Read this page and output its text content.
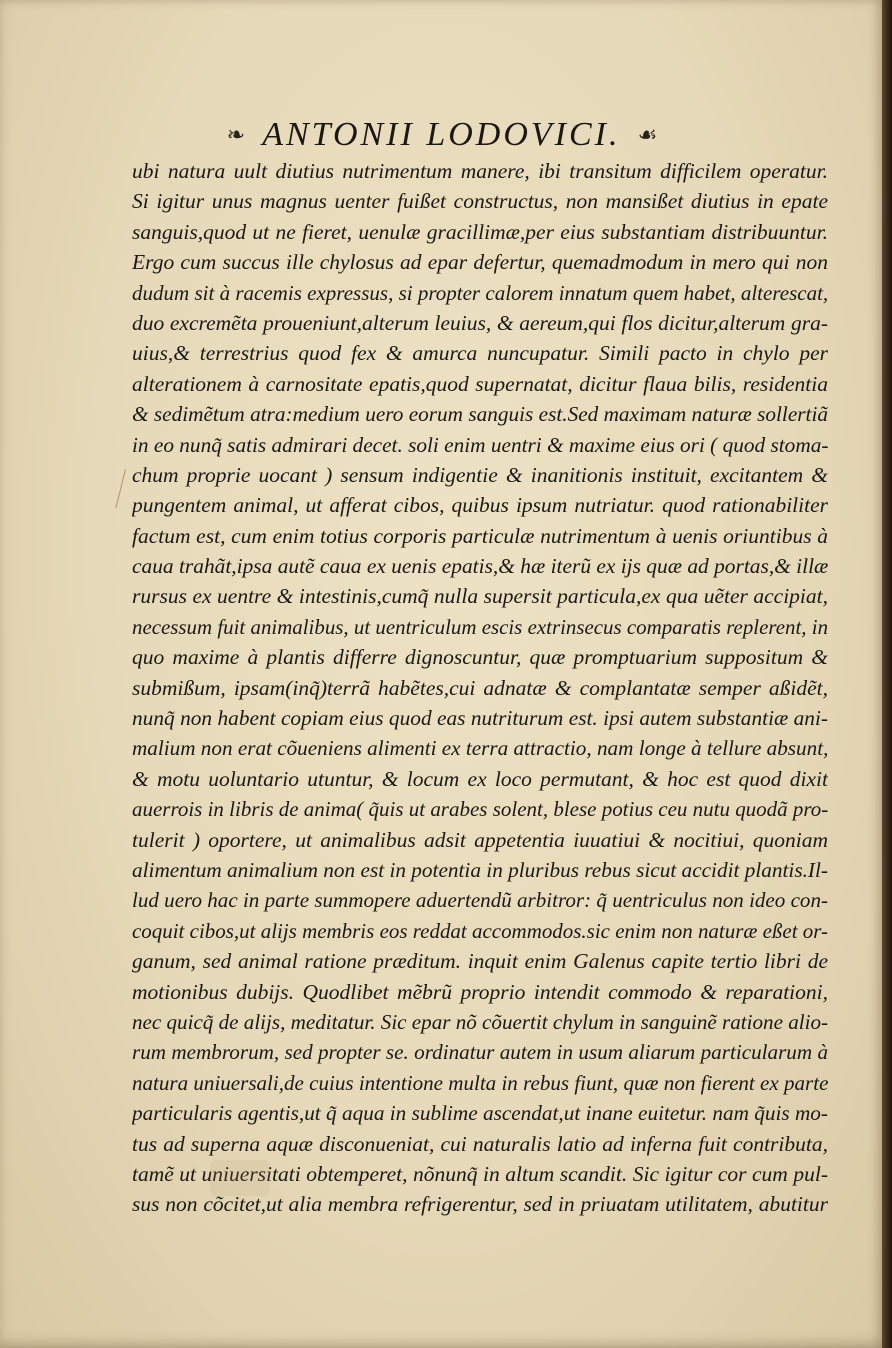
❧ ANTONII LODOVICI. ☙
ubi natura uult diutius nutrimentum manere, ibi transitum difficilem operatur.
Si igitur unus magnus uenter fuißet constructus, non mansißet diutius in epate
sanguis,quod ut ne fieret, uenulæ gracillimæ,per eius substantiam distribuuntur.
Ergo cum succus ille chylosus ad epar defertur, quemadmodum in mero qui non
dudum sit à racemis expressus, si propter calorem innatum quem habet, alterescat,
duo excremẽta proueniunt,alterum leuius, & aereum,qui flos dicitur,alterum gra-
uius,& terrestrius quod fex & amurca nuncupatur. Simili pacto in chylo per
alterationem à carnositate epatis,quod supernatat, dicitur flaua bilis, residentia
& sedimẽtum atra:medium uero eorum sanguis est.Sed maximam naturæ sollertiã
in eo nunq̃ satis admirari decet. soli enim uentri & maxime eius ori ( quod stoma-
chum proprie uocant ) sensum indigentie & inanitionis instituit, excitantem &
pungentem animal, ut afferat cibos, quibus ipsum nutriatur. quod rationabiliter
factum est, cum enim totius corporis particulæ nutrimentum à uenis oriuntibus à
caua trahãt,ipsa autẽ caua ex uenis epatis,& hæ iterũ ex ijs quæ ad portas,& illæ
rursus ex uentre & intestinis,cumq̃ nulla supersit particula,ex qua uẽter accipiat,
necessum fuit animalibus, ut uentriculum escis extrinsecus comparatis replerent, in
quo maxime à plantis differre dignoscuntur, quæ promptuarium suppositum &
submißum, ipsam(inq̃)terrã habẽtes,cui adnatæ & complantatæ semper aßidẽt,
nunq̃ non habent copiam eius quod eas nutriturum est. ipsi autem substantiæ ani-
malium non erat cõueniens alimenti ex terra attractio, nam longe à tellure absunt,
& motu uoluntario utuntur, & locum ex loco permutant, & hoc est quod dixit
auerrois in libris de anima( q̃uis ut arabes solent, blese potius ceu nutu quodã pro-
tulerit ) oportere, ut animalibus adsit appetentia iuuatiui & nocitiui, quoniam
alimentum animalium non est in potentia in pluribus rebus sicut accidit plantis.Il-
lud uero hac in parte summopere aduertendũ arbitror: q̃ uentriculus non ideo con-
coquit cibos,ut alijs membris eos reddat accommodos.sic enim non naturæ eßet or-
ganum, sed animal ratione præditum. inquit enim Galenus capite tertio libri de
motionibus dubijs. Quodlibet mẽbrũ proprio intendit commodo & reparationi,
nec quicq̃ de alijs, meditatur. Sic epar nõ cõuertit chylum in sanguinẽ ratione alio-
rum membrorum, sed propter se. ordinatur autem in usum aliarum particularum à
natura uniuersali,de cuius intentione multa in rebus fiunt, quæ non fierent ex parte
particularis agentis,ut q̃ aqua in sublime ascendat,ut inane euitetur. nam q̃uis mo-
tus ad superna aquæ disconueniat, cui naturalis latio ad inferna fuit contributa,
tamẽ ut uniuersitati obtemperet, nõnunq̃ in altum scandit. Sic igitur cor cum pul-
sus non cõcitet,ut alia membra refrigerentur, sed in priuatam utilitatem, abutitur
